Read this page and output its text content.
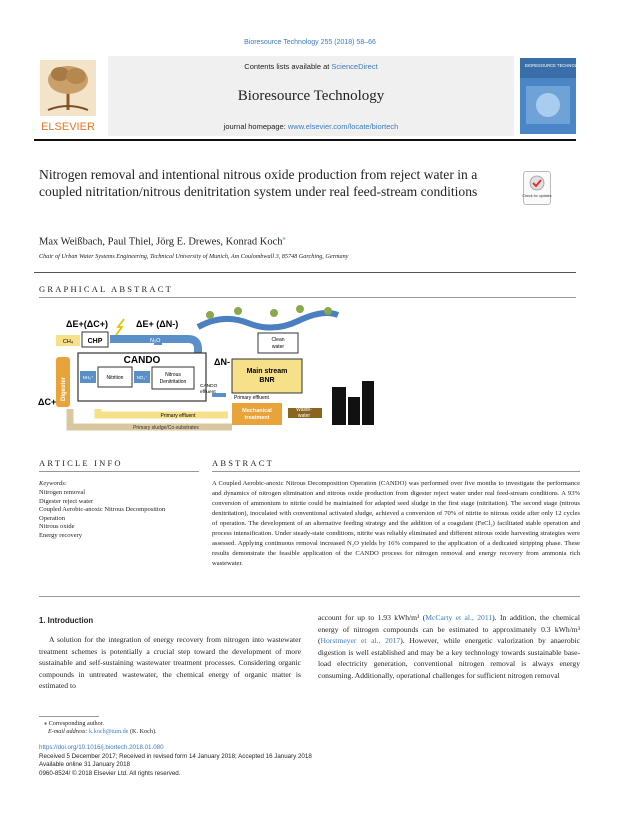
Bioresource Technology 255 (2018) 58–66
Contents lists available at ScienceDirect
Bioresource Technology
journal homepage: www.elsevier.com/locate/biortech
ELSEVIER
BIORESOURCE TECHNOLOGY
Nitrogen removal and intentional nitrous oxide production from reject water in a coupled nitritation/nitrous denitritation system under real feed-stream conditions	Check for updates
Max Weißbach, Paul Thiel, Jörg E. Drewes, Konrad Koch⁎
Chair of Urban Water Systems Engineering, Technical University of Munich, Am Coulombwall 3, 85748 Garching, Germany
GRAPHICAL ABSTRACT
ΔE+(ΔC+)	ΔE+ (ΔN-)
CH₄ CHP	N₂O
CANDO
NH₄⁺	Nitrition	NO₂⁻	Nitrous
Denitritation
Digester
ΔC+
CANDO
effluent
Clean
water
ΔN-
Main stream
BNR
Primary effluent
Mechanical
treatment
Waste-
water
Primary effluent
Primary sludge/Co-substrates
ARTICLE INFO
Keywords:
Nitrogen removal
Digester reject water
Coupled Aerobic-anoxic Nitrous Decomposition
Operation
Nitrous oxide
Energy recovery
ABSTRACT
A Coupled Aerobic-anoxic Nitrous Decomposition Operation (CANDO) was performed over five months to investigate the performance and dynamics of nitrogen elimination and nitrous oxide production from digester reject water under real feed-stream conditions. A 93% conversion of ammonium to nitrite could be maintained for adapted seed sludge in the first stage (nitritation). The second stage (nitrous denitritation), inoculated with conventional activated sludge, achieved a conversion of 70% of nitrite to nitrous oxide after only 12 cycles of operation. The development of an alternative feeding strategy and the addition of a coagulant (FeCl₂) facilitated stable operation and process intensification. Under steady-state conditions, nitrite was reliably eliminated and different nitrous oxide harvesting strategies were assessed. Applying continuous removal increased N₂O yields by 16% compared to the application of a dedicated stripping phase. These results demonstrate the feasible application of the CANDO process for nitrogen removal and energy recovery from ammonia rich wastewater.
1. Introduction
A solution for the integration of energy recovery from nitrogen into wastewater treatment schemes is potentially a crucial step toward the development of more sustainable and self-sustaining wastewater treatment processes. Considering organic compounds in untreated wastewater, the chemical energy of organic matter is estimated to
account for up to 1.93 kWh/m³ (McCarty et al., 2011). In addition, the chemical energy of nitrogen compounds can be estimated to approximately 0.3 kWh/m³ (Horstmeyer et al., 2017). However, while energetic valorization by anaerobic digestion is well established and may be a key technology towards sustainable base-load electricity generation, conventional nitrogen removal is always energy consuming. Additionally, operational challenges for sufficient nitrogen removal
⁎ Corresponding author.
E-mail address: k.koch@tum.de (K. Koch).
https://doi.org/10.1016/j.biortech.2018.01.080
Received 5 December 2017; Received in revised form 14 January 2018; Accepted 16 January 2018
Available online 31 January 2018
0960-8524/ © 2018 Elsevier Ltd. All rights reserved.
